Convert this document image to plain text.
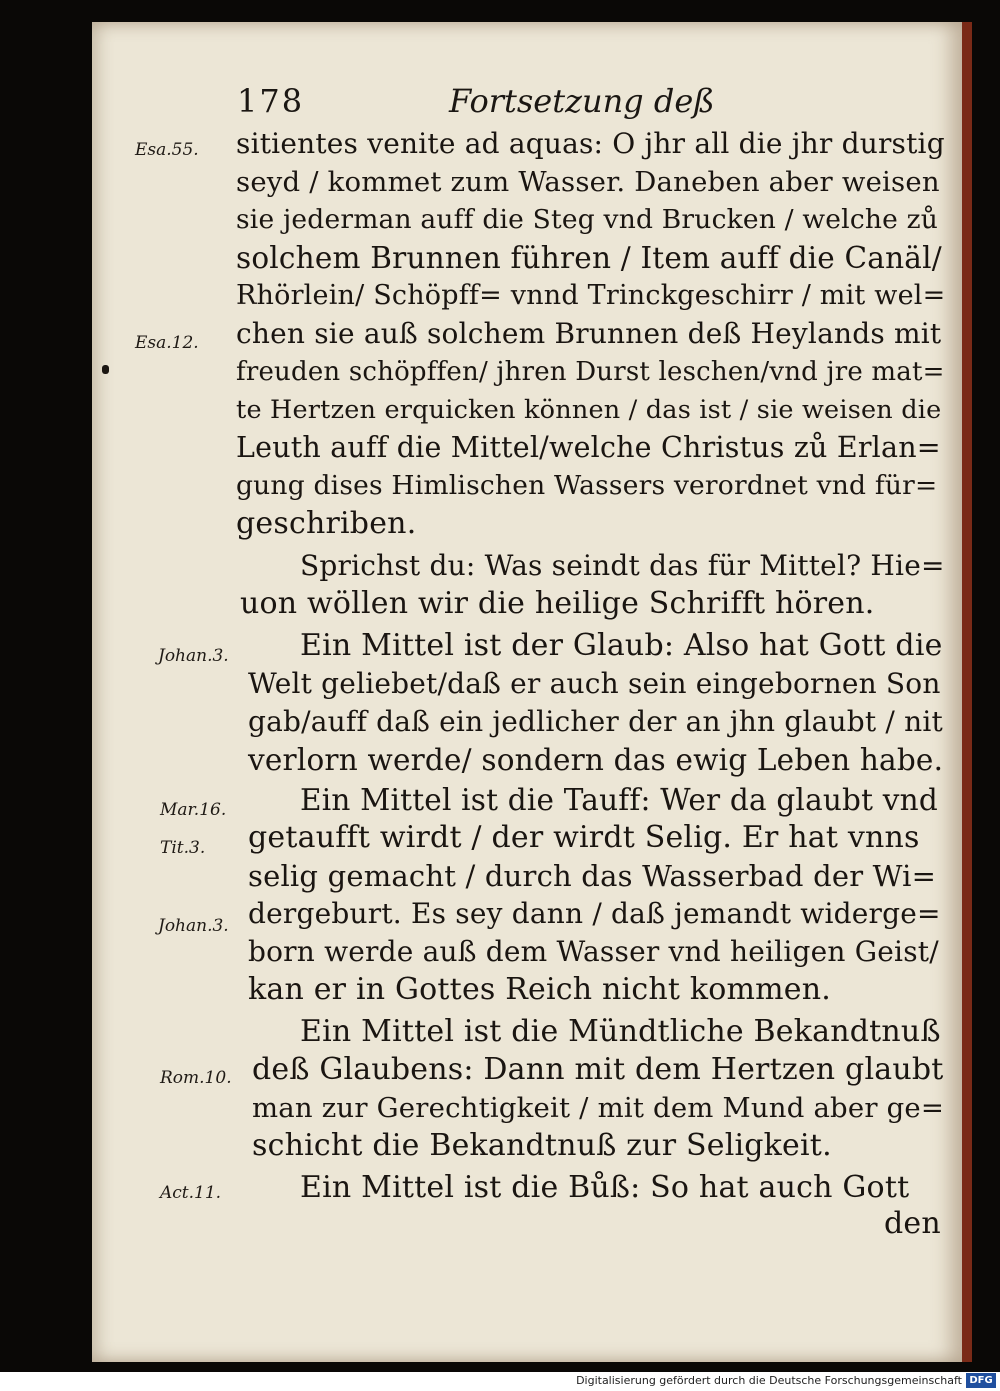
178	Fortsetzung deß
Esa.55.
Esa.12.
Johan.3.
Mar.16.
Tit.3.
Johan.3.
Rom.10.
Act.11.
sitientes venite ad aquas: O jhr all die jhr durstig
seyd / kommet zum Wasser. Daneben aber weisen
sie jederman auff die Steg vnd Brucken / welche zů
solchem Brunnen führen / Item auff die Canäl/
Rhörlein/ Schöpff= vnnd Trinckgeschirr / mit wel=
chen sie auß solchem Brunnen deß Heylands mit
freuden schöpffen/ jhren Durst leschen/vnd jre mat=
te Hertzen erquicken können / das ist / sie weisen die
Leuth auff die Mittel/welche Christus zů Erlan=
gung dises Himlischen Wassers verordnet vnd für=
geschriben.
Sprichst du: Was seindt das für Mittel? Hie=
uon wöllen wir die heilige Schrifft hören.
Ein Mittel ist der Glaub: Also hat Gott die
Welt geliebet/daß er auch sein eingebornen Son
gab/auff daß ein jedlicher der an jhn glaubt / nit
verlorn werde/ sondern das ewig Leben habe.
Ein Mittel ist die Tauff: Wer da glaubt vnd
getaufft wirdt / der wirdt Selig. Er hat vnns
selig gemacht / durch das Wasserbad der Wi=
dergeburt. Es sey dann / daß jemandt widerge=
born werde auß dem Wasser vnd heiligen Geist/
kan er in Gottes Reich nicht kommen.
Ein Mittel ist die Mündtliche Bekandtnuß
deß Glaubens: Dann mit dem Hertzen glaubt
man zur Gerechtigkeit / mit dem Mund aber ge=
schicht die Bekandtnuß zur Seligkeit.
Ein Mittel ist die Bůß: So hat auch Gott
den
Digitalisierung gefördert durch die Deutsche Forschungsgemeinschaft DFG
